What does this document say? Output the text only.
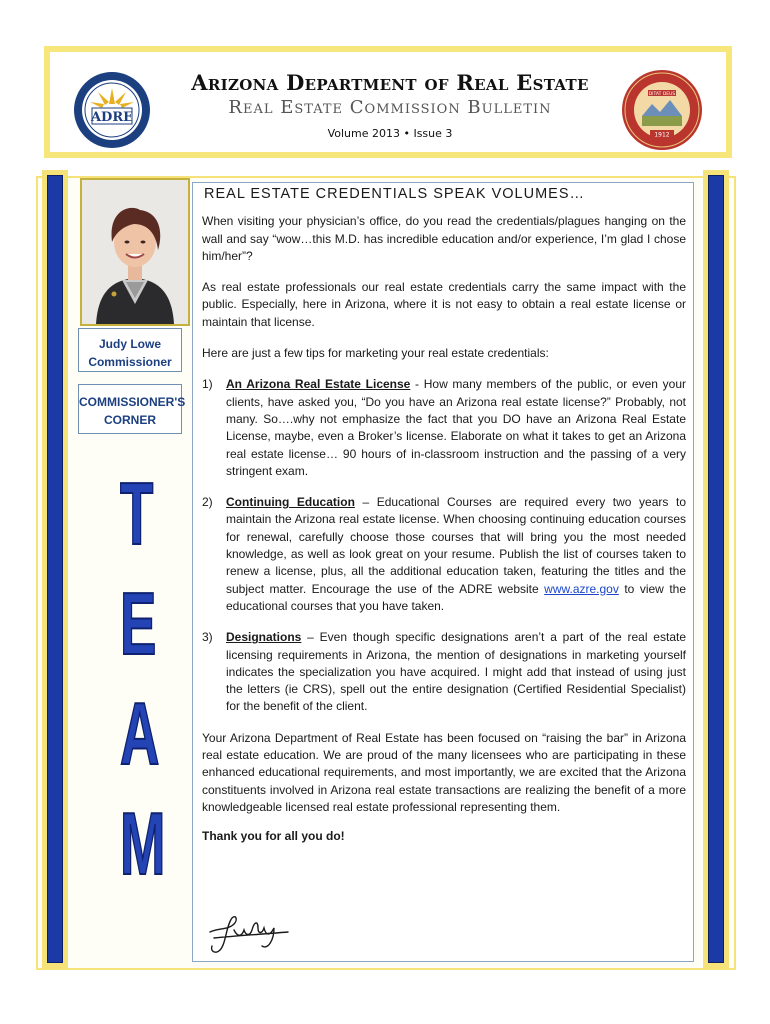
ADRE
DITAT DEUS
1912
Arizona Department of Real Estate
Real Estate Commission Bulletin
Volume 2013 • Issue 3
Judy Lowe
Commissioner
COMMISSIONER'S CORNER
T
E
A
M
REAL ESTATE CREDENTIALS SPEAK VOLUMES…
When visiting your physician’s office, do you read the credentials/plagues hanging on the wall and say “wow…this M.D. has incredible education and/or experience, I’m glad I chose him/her”?
As real estate professionals our real estate credentials carry the same impact with the public. Especially, here in Arizona, where it is not easy to obtain a real estate license or maintain that license.
Here are just a few tips for marketing your real estate credentials:
1) An Arizona Real Estate License - How many members of the public, or even your clients, have asked you, “Do you have an Arizona real estate license?” Probably, not many. So….why not emphasize the fact that you DO have an Arizona Real Estate License, maybe, even a Broker’s license. Elaborate on what it takes to get an Arizona real estate license… 90 hours of in-classroom instruction and the passing of a very stringent exam.
2) Continuing Education – Educational Courses are required every two years to maintain the Arizona real estate license. When choosing continuing education courses for renewal, carefully choose those courses that will bring you the most needed knowledge, as well as look great on your resume. Publish the list of courses taken to renew a license, plus, all the additional education taken, featuring the titles and the subject matter. Encourage the use of the ADRE website www.azre.gov to view the educational courses that you have taken.
3) Designations – Even though specific designations aren’t a part of the real estate licensing requirements in Arizona, the mention of designations in marketing yourself indicates the specialization you have acquired. I might add that instead of using just the letters (ie CRS), spell out the entire designation (Certified Residential Specialist) for the benefit of the client.
Your Arizona Department of Real Estate has been focused on “raising the bar” in Arizona real estate education. We are proud of the many licensees who are participating in these enhanced educational requirements, and most importantly, we are excited that the Arizona constituents involved in Arizona real estate transactions are realizing the benefit of a more knowledgeable licensed real estate professional representing them.
Thank you for all you do!
